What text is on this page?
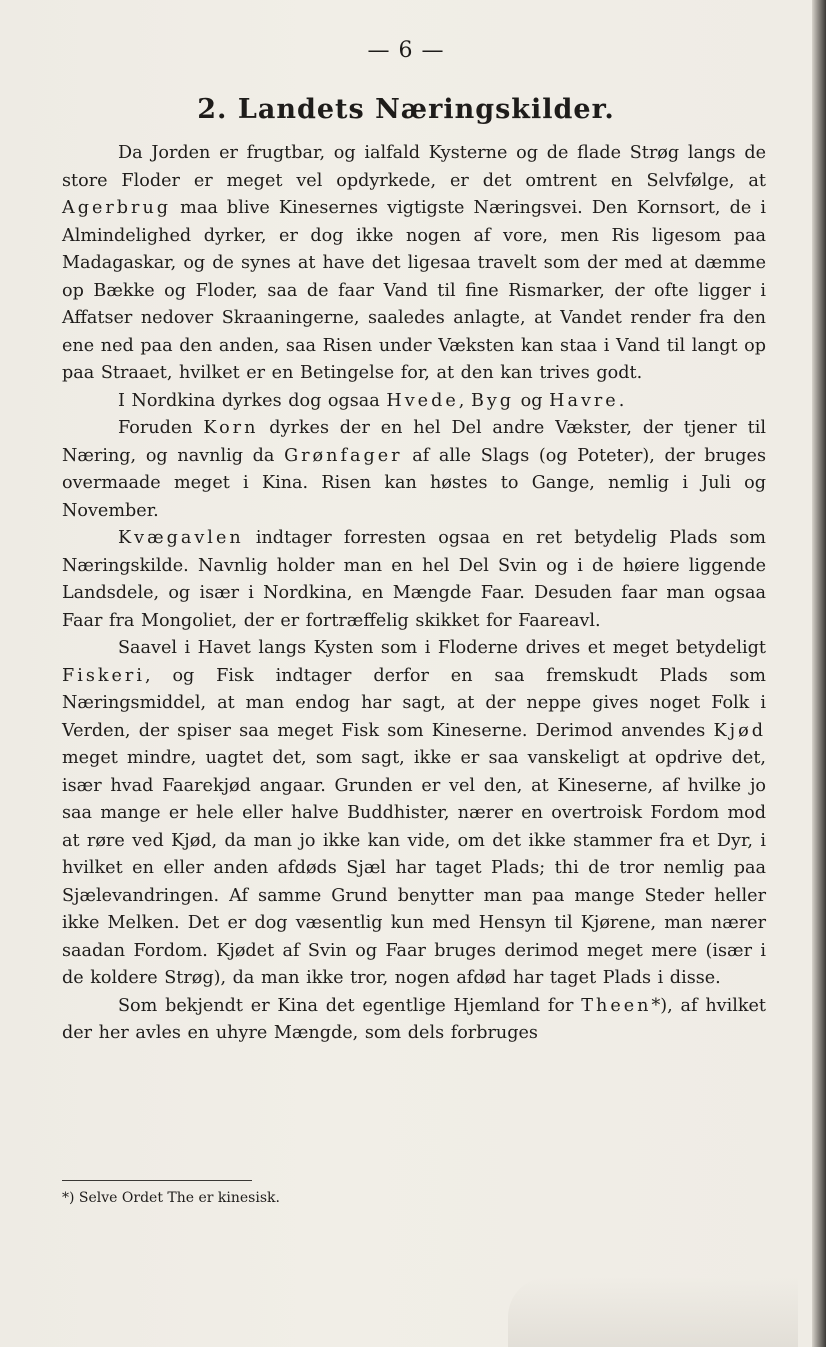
— 6 —
2. Landets Næringskilder.

Da Jorden er frugtbar, og ialfald Kysterne og de flade Strøg langs de store Floder er meget vel opdyrkede, er det omtrent en Selvfølge, at Agerbrug maa blive Kinesernes vigtigste Næringsvei. Den Kornsort, de i Almindelighed dyrker, er dog ikke nogen af vore, men Ris ligesom paa Madagaskar, og de synes at have det ligesaa travelt som der med at dæmme op Bække og Floder, saa de faar Vand til fine Rismarker, der ofte ligger i Affatser nedover Skraaningerne, saaledes anlagte, at Vandet render fra den ene ned paa den anden, saa Risen under Væksten kan staa i Vand til langt op paa Straaet, hvilket er en Betingelse for, at den kan trives godt.

I Nordkina dyrkes dog ogsaa Hvede, Byg og Havre.

Foruden Korn dyrkes der en hel Del andre Vækster, der tjener til Næring, og navnlig da Grønfager af alle Slags (og Poteter), der bruges overmaade meget i Kina. Risen kan høstes to Gange, nemlig i Juli og November.

Kvægavlen indtager forresten ogsaa en ret betydelig Plads som Næringskilde. Navnlig holder man en hel Del Svin og i de høiere liggende Landsdele, og især i Nordkina, en Mængde Faar. Desuden faar man ogsaa Faar fra Mongoliet, der er fortræffelig skikket for Faareavl.

Saavel i Havet langs Kysten som i Floderne drives et meget betydeligt Fiskeri, og Fisk indtager derfor en saa fremskudt Plads som Næringsmiddel, at man endog har sagt, at der neppe gives noget Folk i Verden, der spiser saa meget Fisk som Kineserne. Derimod anvendes Kjød meget mindre, uagtet det, som sagt, ikke er saa vanskeligt at opdrive det, især hvad Faarekjød angaar. Grunden er vel den, at Kineserne, af hvilke jo saa mange er hele eller halve Buddhister, nærer en overtroisk Fordom mod at røre ved Kjød, da man jo ikke kan vide, om det ikke stammer fra et Dyr, i hvilket en eller anden afdøds Sjæl har taget Plads; thi de tror nemlig paa Sjælevandringen. Af samme Grund benytter man paa mange Steder heller ikke Melken. Det er dog væsentlig kun med Hensyn til Kjørene, man nærer saadan Fordom. Kjødet af Svin og Faar bruges derimod meget mere (især i de koldere Strøg), da man ikke tror, nogen afdød har taget Plads i disse.

Som bekjendt er Kina det egentlige Hjemland for Theen*), af hvilket der her avles en uhyre Mængde, som dels forbruges

*) Selve Ordet The er kinesisk.
